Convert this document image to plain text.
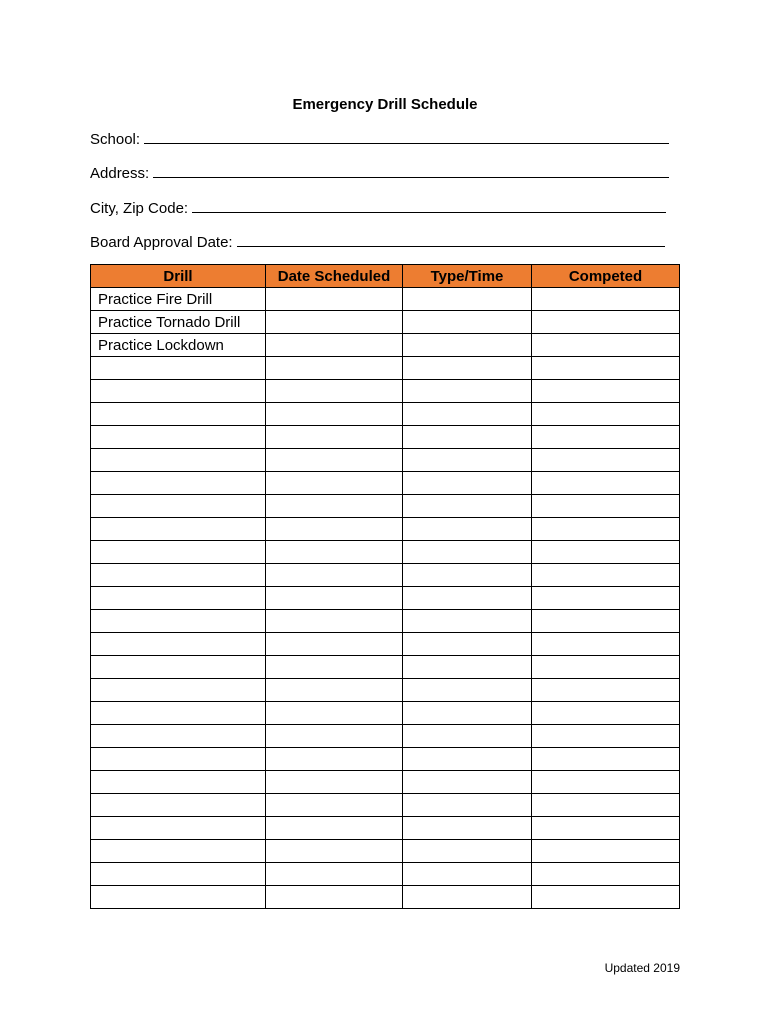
Emergency Drill Schedule
School:
Address:
City, Zip Code:
Board Approval Date:
Drill	Date Scheduled	Type/Time	Competed
Practice Fire Drill			
Practice Tornado Drill			
Practice Lockdown			

Updated 2019
